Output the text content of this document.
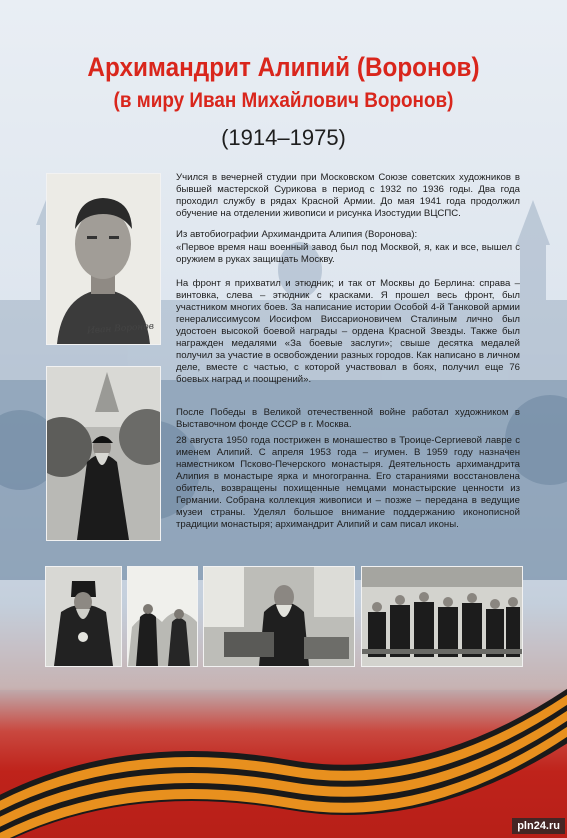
Архимандрит Алипий (Воронов)
(в миру Иван Михайлович Воронов)
(1914–1975)
Иван Воронов
Учился в вечерней студии при Московском Союзе советских художников в бывшей мастерской Сурикова в период с 1932 по 1936 годы. Два года проходил службу в рядах Красной Армии. До мая 1941 года продолжил обучение на отделении живописи и рисунка Изостудии ВЦСПС.
Из автобиографии Архимандрита Алипия (Воронова):
«Первое время наш военный завод был под Москвой, я, как и все, вышел с оружием в руках защищать Москву.
На фронт я прихватил и этюдник; и так от Москвы до Берлина: справа – винтовка, слева – этюдник с красками. Я прошел весь фронт, был участником многих боев. За написание истории Особой 4-й Танковой армии генералиссимусом Иосифом Виссарионовичем Сталиным лично был удостоен высокой боевой награды – ордена Красной Звезды. Также был награжден медалями «За боевые заслуги»; свыше десятка медалей получил за участие в освобождении разных городов. Как написано в личном деле, вместе с частью, с которой участвовал в боях, получил еще 76 боевых наград и поощрений».
После Победы в Великой отечественной войне работал художником в Выставочном фонде СССР в г. Москва.
28 августа 1950 года пострижен в монашество в Троице-Сергиевой лавре с именем Алипий. С апреля 1953 года – игумен. В 1959 году назначен наместником Псково-Печерского монастыря. Деятельность архимандрита Алипия в монастыре ярка и многогранна. Его стараниями восстановлена обитель, возвращены похищенные немцами монастырские ценности из Германии. Собрана коллекция живописи и – позже – передана в ведущие музеи страны. Уделял большое внимание поддержанию иконописной традиции монастыря; архимандрит Алипий и сам писал иконы.
pln24.ru
